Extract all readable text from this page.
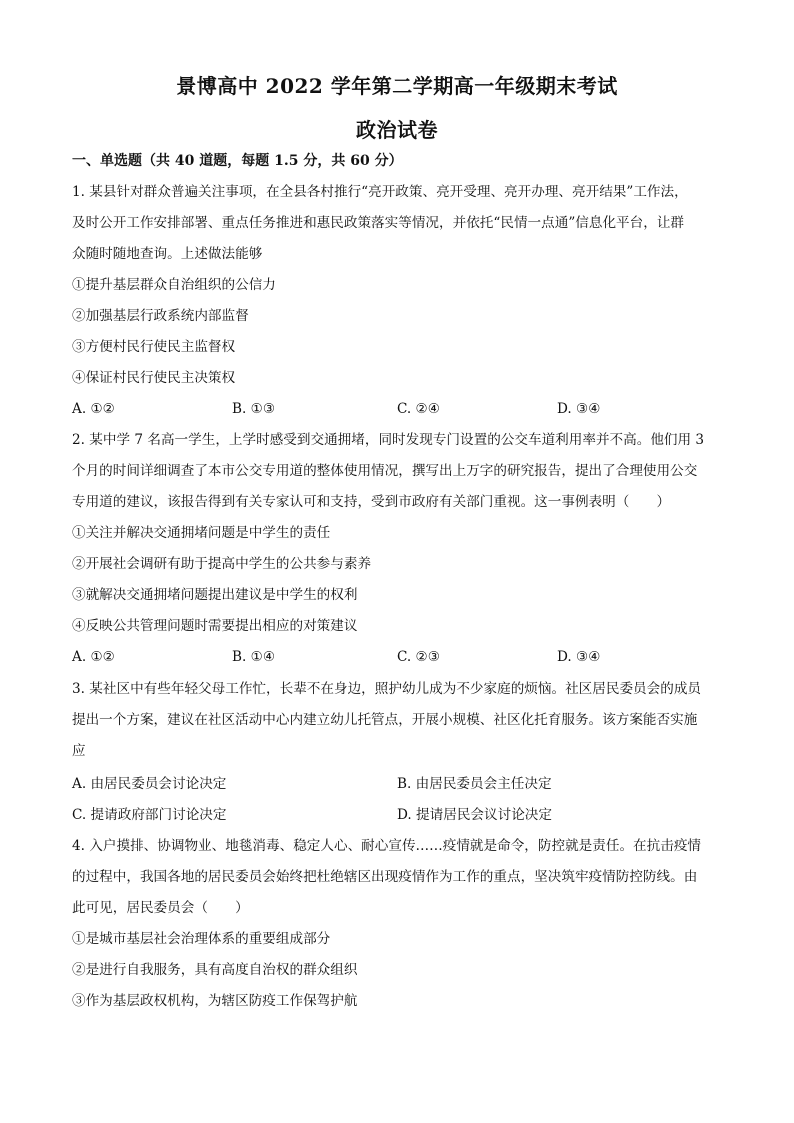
景博高中 2022 学年第二学期高一年级期末考试
政治试卷
一、单选题（共 40 道题，每题 1.5 分，共 60 分）
1. 某县针对群众普遍关注事项，在全县各村推行“亮开政策、亮开受理、亮开办理、亮开结果”工作法，
及时公开工作安排部署、重点任务推进和惠民政策落实等情况，并依托“民情一点通”信息化平台，让群
众随时随地查询。上述做法能够
①提升基层群众自治组织的公信力
②加强基层行政系统内部监督
③方便村民行使民主监督权
④保证村民行使民主决策权
A. ①②	B. ①③	C. ②④	D. ③④
2. 某中学 7 名高一学生，上学时感受到交通拥堵，同时发现专门设置的公交车道利用率并不高。他们用 3
个月的时间详细调查了本市公交专用道的整体使用情况，撰写出上万字的研究报告，提出了合理使用公交
专用道的建议，该报告得到有关专家认可和支持，受到市政府有关部门重视。这一事例表明（　　）
①关注并解决交通拥堵问题是中学生的责任
②开展社会调研有助于提高中学生的公共参与素养
③就解决交通拥堵问题提出建议是中学生的权利
④反映公共管理问题时需要提出相应的对策建议
A. ①②	B. ①④	C. ②③	D. ③④
3. 某社区中有些年轻父母工作忙，长辈不在身边，照护幼儿成为不少家庭的烦恼。社区居民委员会的成员
提出一个方案，建议在社区活动中心内建立幼儿托管点，开展小规模、社区化托育服务。该方案能否实施
应
A. 由居民委员会讨论决定	B. 由居民委员会主任决定
C. 提请政府部门讨论决定	D. 提请居民会议讨论决定
4. 入户摸排、协调物业、地毯消毒、稳定人心、耐心宣传……疫情就是命令，防控就是责任。在抗击疫情
的过程中，我国各地的居民委员会始终把杜绝辖区出现疫情作为工作的重点，坚决筑牢疫情防控防线。由
此可见，居民委员会（　　）
①是城市基层社会治理体系的重要组成部分
②是进行自我服务，具有高度自治权的群众组织
③作为基层政权机构，为辖区防疫工作保驾护航
